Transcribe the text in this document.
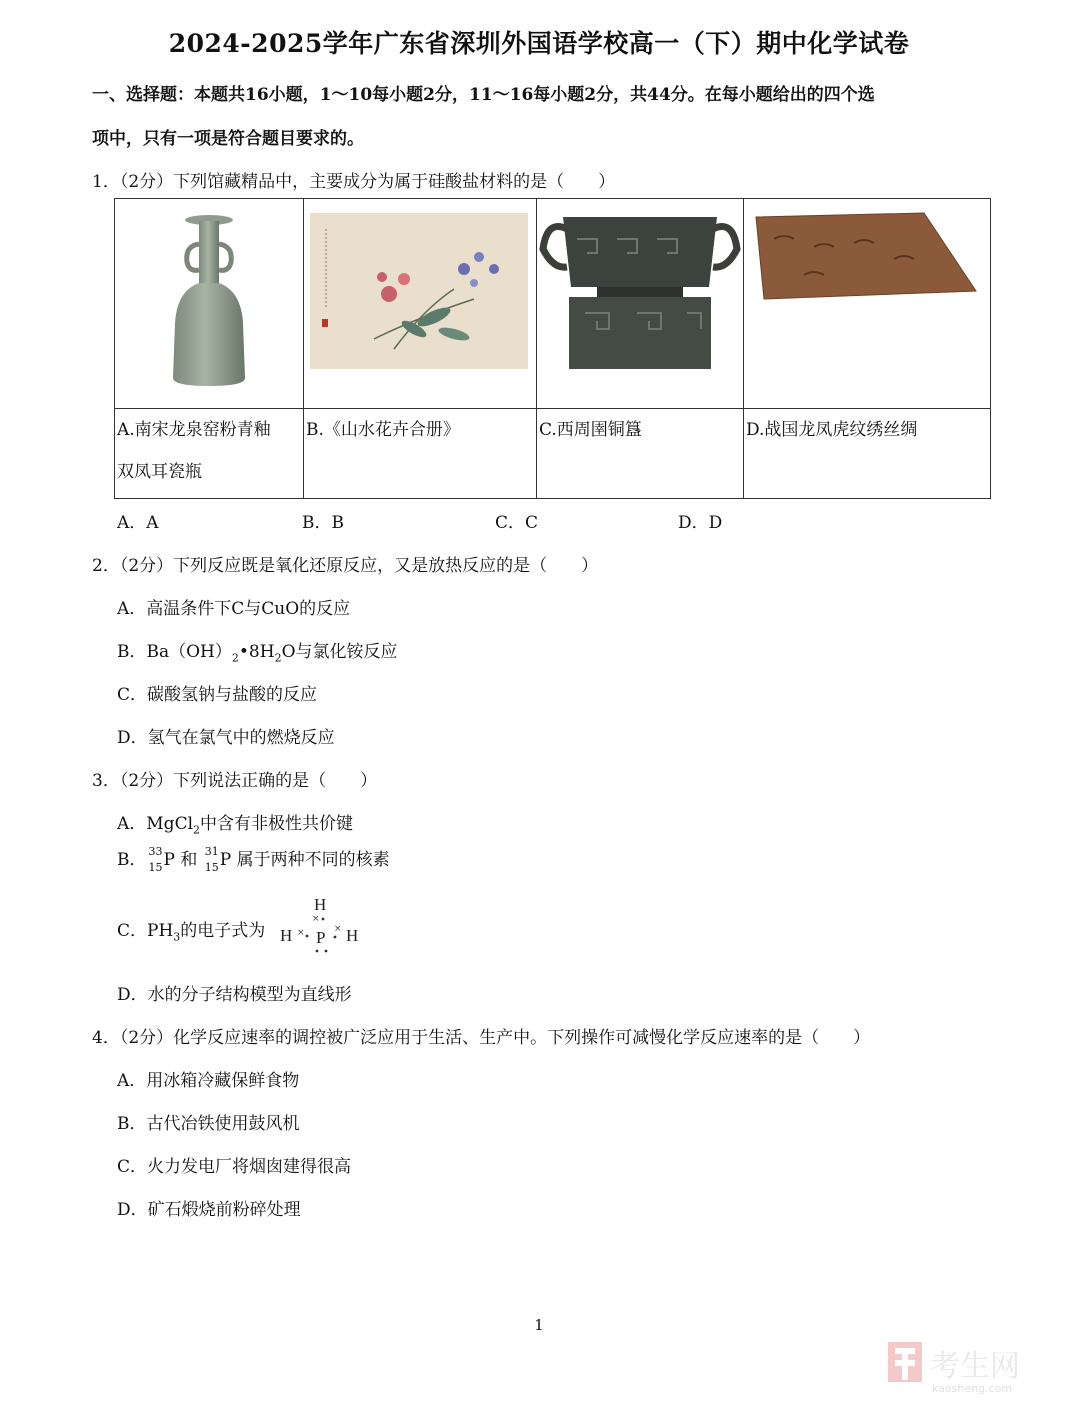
2024-2025学年广东省深圳外国语学校高一（下）期中化学试卷
一、选择题：本题共16小题，1～10每小题2分，11～16每小题2分，共44分。在每小题给出的四个选
项中，只有一项是符合题目要求的。
1．（2分）下列馆藏精品中，主要成分为属于硅酸盐材料的是（　　）

A.南宋龙泉窑粉青釉
双凤耳瓷瓶	B.《山水花卉合册》	C.西周圉铜簋	D.战国龙凤虎纹绣丝绸
A．A	B．B	C．C	D．D
2．（2分）下列反应既是氧化还原反应，又是放热反应的是（　　）
A．高温条件下C与CuO的反应
B．$Ba(OH)_2•8H_2O$与氯化铵反应
C．碳酸氢钠与盐酸的反应
D．氢气在氯气中的燃烧反应
3．（2分）下列说法正确的是（　　）
A．MgCl$_2$中含有非极性共价键
B． 33
15 P 和 31
15 P 属于两种不同的核素
C．$PH_3$的电子式为
H
P
H	H
×
×	×
D．水的分子结构模型为直线形
4．（2分）化学反应速率的调控被广泛应用于生活、生产中。下列操作可减慢化学反应速率的是（　　）
A．用冰箱冷藏保鲜食物
B．古代冶铁使用鼓风机
C．火力发电厂将烟囱建得很高
D．矿石煅烧前粉碎处理
1
考生网
kaosheng.com
